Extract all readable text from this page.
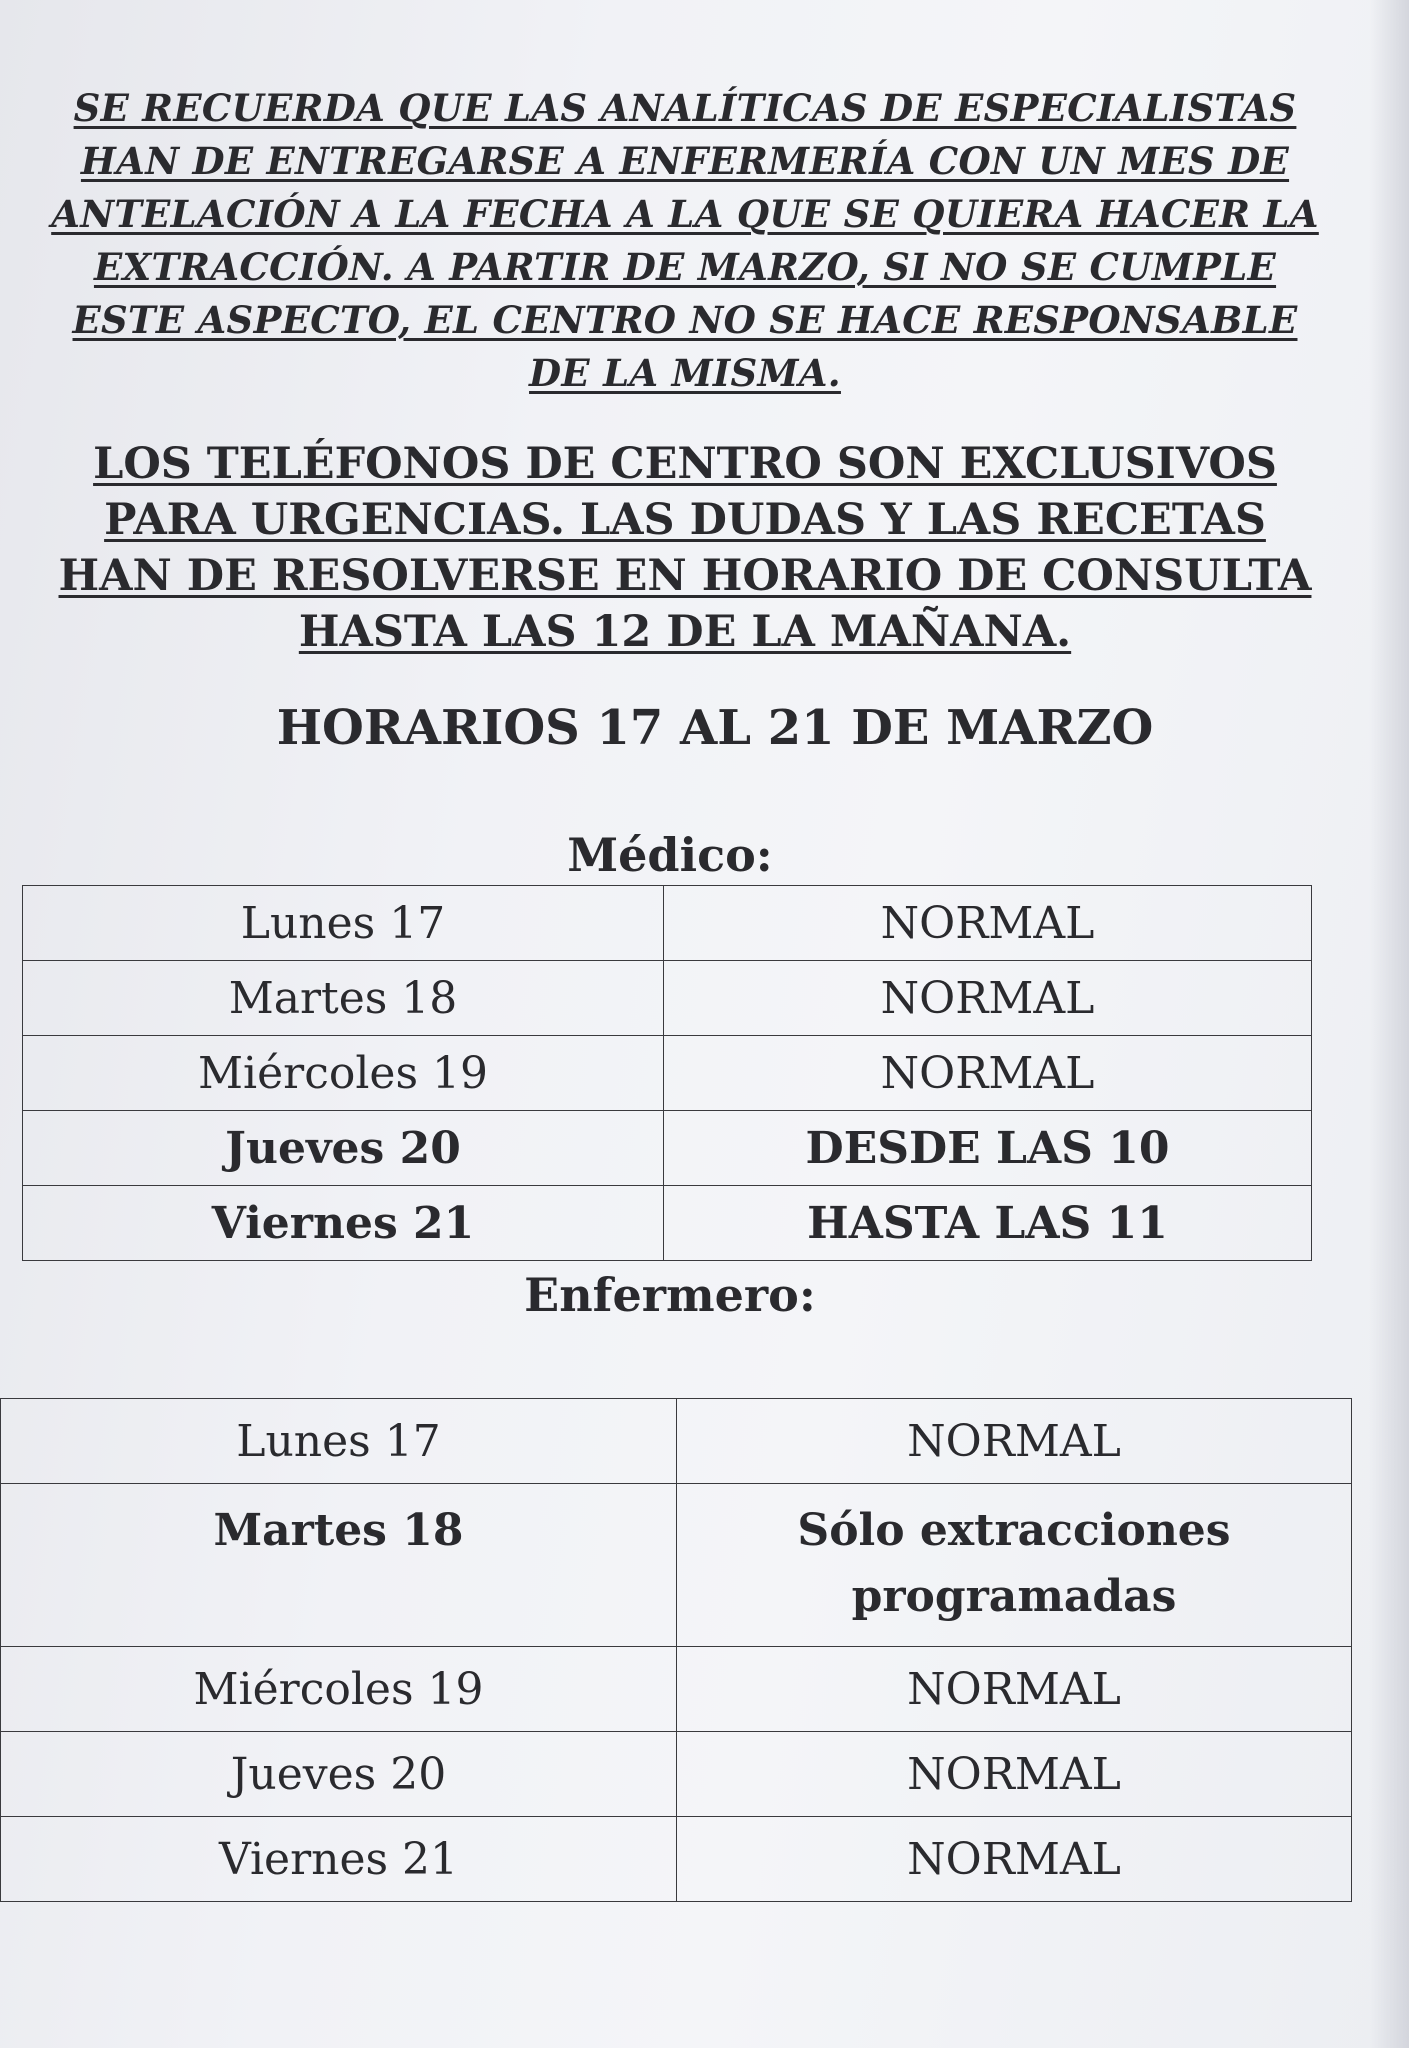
SE RECUERDA QUE LAS ANALÍTICAS DE ESPECIALISTAS HAN DE ENTREGARSE A ENFERMERÍA CON UN MES DE ANTELACIÓN A LA FECHA A LA QUE SE QUIERA HACER LA EXTRACCIÓN. A PARTIR DE MARZO, SI NO SE CUMPLE ESTE ASPECTO, EL CENTRO NO SE HACE RESPONSABLE DE LA MISMA.
LOS TELÉFONOS DE CENTRO SON EXCLUSIVOS PARA URGENCIAS. LAS DUDAS Y LAS RECETAS HAN DE RESOLVERSE EN HORARIO DE CONSULTA HASTA LAS 12 DE LA MAÑANA.
HORARIOS 17 AL 21 DE MARZO
Médico:
Lunes 17	NORMAL
Martes 18	NORMAL
Miércoles 19	NORMAL
Jueves 20	DESDE LAS 10
Viernes 21	HASTA LAS 11
Enfermero:
Lunes 17	NORMAL
Martes 18	Sólo extracciones programadas
Miércoles 19	NORMAL
Jueves 20	NORMAL
Viernes 21	NORMAL
